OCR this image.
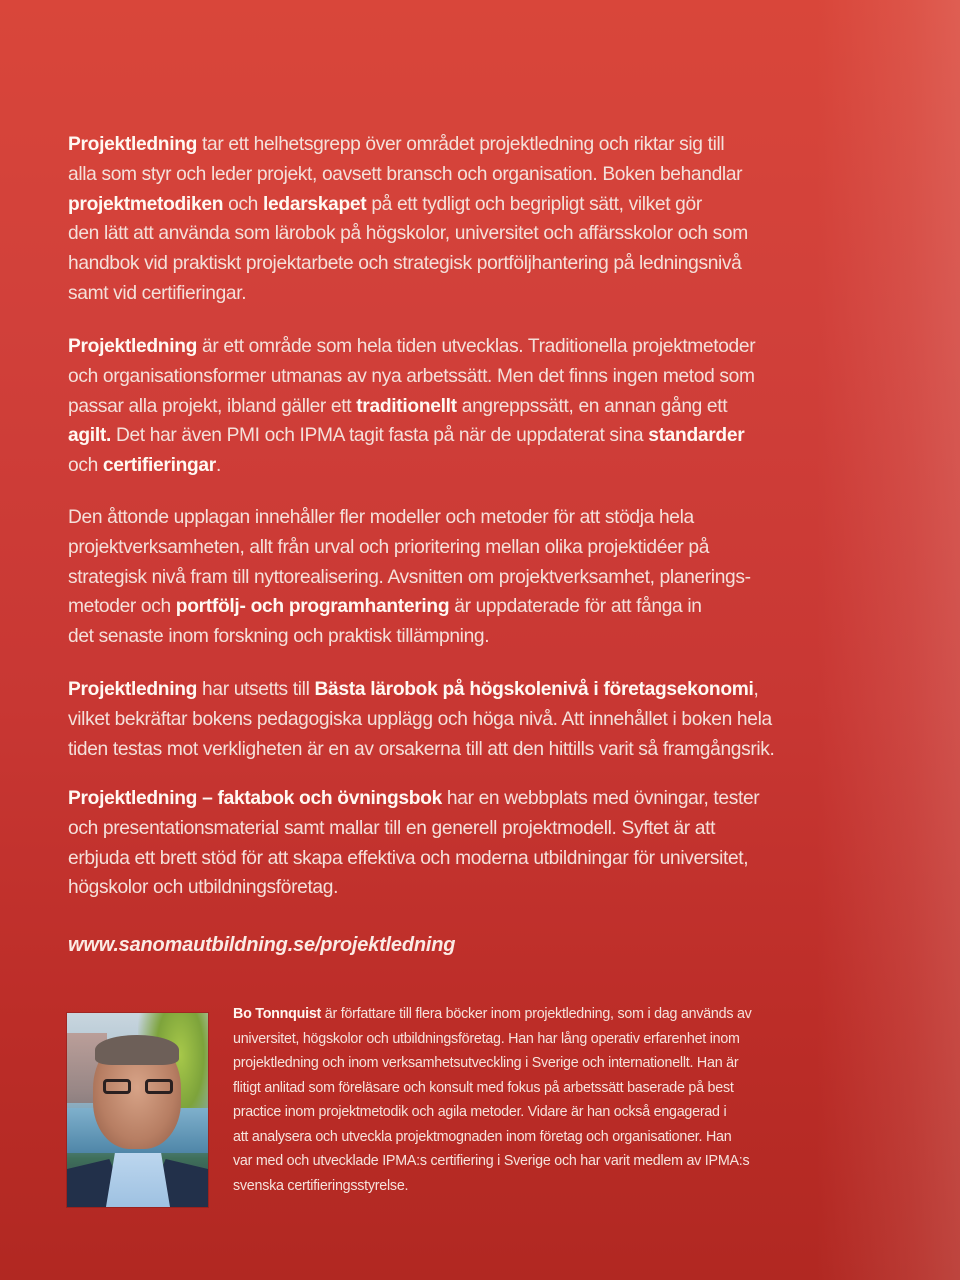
Projektledning tar ett helhetsgrepp över området projektledning och riktar sig till
alla som styr och leder projekt, oavsett bransch och organisation. Boken behandlar
projektmetodiken och ledarskapet på ett tydligt och begripligt sätt, vilket gör
den lätt att använda som lärobok på högskolor, universitet och affärsskolor och som
handbok vid praktiskt projektarbete och strategisk portföljhantering på ledningsnivå
samt vid certifieringar.
Projektledning är ett område som hela tiden utvecklas. Traditionella projektmetoder
och organisationsformer utmanas av nya arbetssätt. Men det finns ingen metod som
passar alla projekt, ibland gäller ett traditionellt angreppssätt, en annan gång ett
agilt. Det har även PMI och IPMA tagit fasta på när de uppdaterat sina standarder
och certifieringar.
Den åttonde upplagan innehåller fler modeller och metoder för att stödja hela
projektverksamheten, allt från urval och prioritering mellan olika projektidéer på
strategisk nivå fram till nyttorealisering. Avsnitten om projektverksamhet, planerings-
metoder och portfölj- och programhantering är uppdaterade för att fånga in
det senaste inom forskning och praktisk tillämpning.
Projektledning har utsetts till Bästa lärobok på högskolenivå i företagsekonomi,
vilket bekräftar bokens pedagogiska upplägg och höga nivå. Att innehållet i boken hela
tiden testas mot verkligheten är en av orsakerna till att den hittills varit så framgångsrik.
Projektledning – faktabok och övningsbok har en webbplats med övningar, tester
och presentationsmaterial samt mallar till en generell projektmodell. Syftet är att
erbjuda ett brett stöd för att skapa effektiva och moderna utbildningar för universitet,
högskolor och utbildningsföretag.
www.sanomautbildning.se/projektledning
Bo Tonnquist är författare till flera böcker inom projektledning, som i dag används av
universitet, högskolor och utbildningsföretag. Han har lång operativ erfarenhet inom
projektledning och inom verksamhetsutveckling i Sverige och internationellt. Han är
flitigt anlitad som föreläsare och konsult med fokus på arbetssätt baserade på best
practice inom projektmetodik och agila metoder. Vidare är han också engagerad i
att analysera och utveckla projektmognaden inom företag och organisationer. Han
var med och utvecklade IPMA:s certifiering i Sverige och har varit medlem av IPMA:s
svenska certifieringsstyrelse.
